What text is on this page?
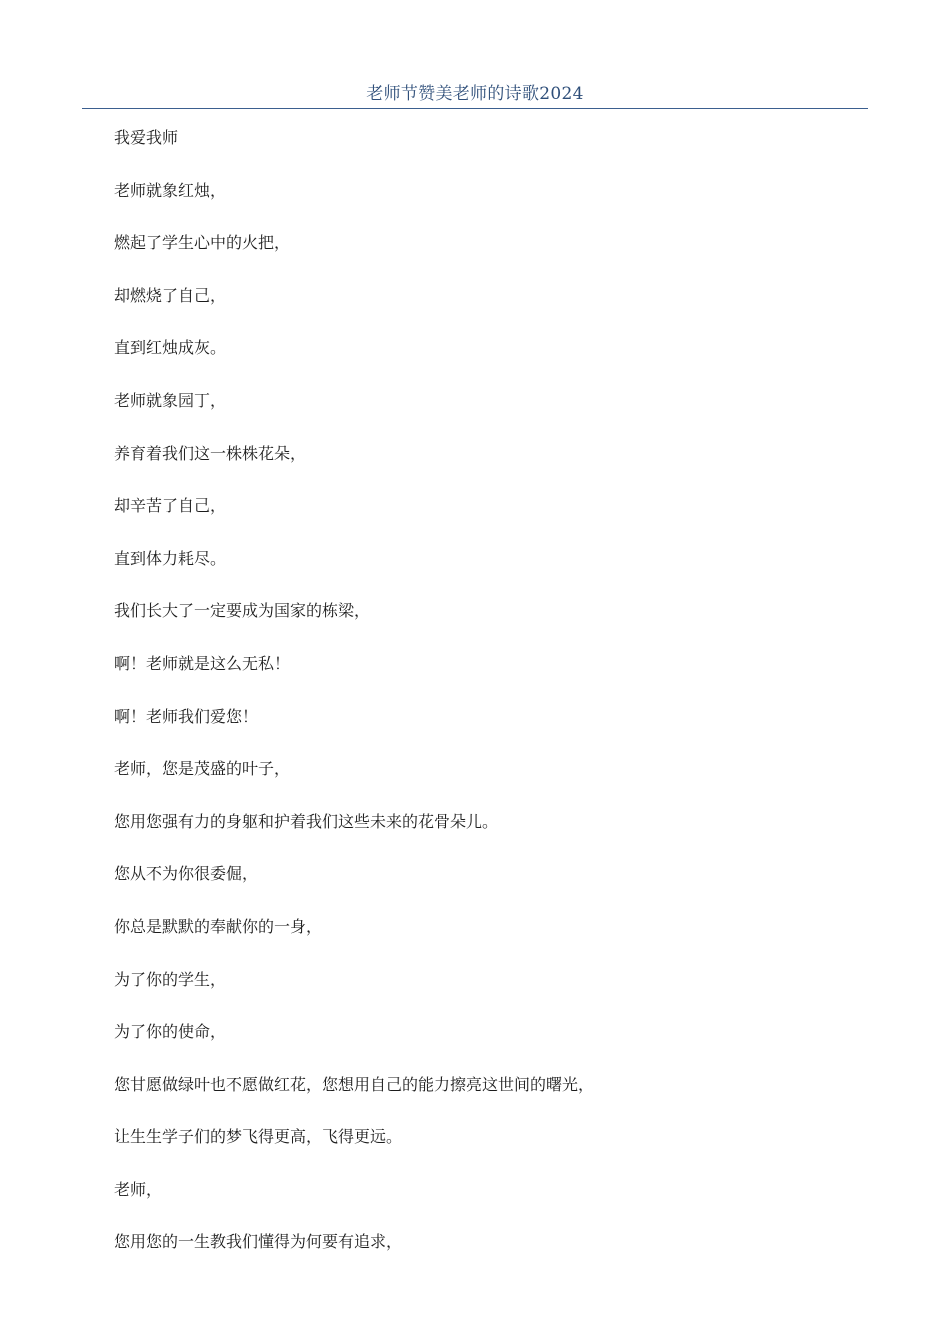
老师节赞美老师的诗歌2024
我爱我师
老师就象红烛，
燃起了学生心中的火把，
却燃烧了自己，
直到红烛成灰。
老师就象园丁，
养育着我们这一株株花朵，
却辛苦了自己，
直到体力耗尽。
我们长大了一定要成为国家的栋梁，
啊！老师就是这么无私！
啊！老师我们爱您！
老师，您是茂盛的叶子，
您用您强有力的身躯和护着我们这些未来的花骨朵儿。
您从不为你很委倔，
你总是默默的奉献你的一身，
为了你的学生，
为了你的使命，
您甘愿做绿叶也不愿做红花，您想用自己的能力擦亮这世间的曙光，
让生生学子们的梦飞得更高，飞得更远。
老师，
您用您的一生教我们懂得为何要有追求，
